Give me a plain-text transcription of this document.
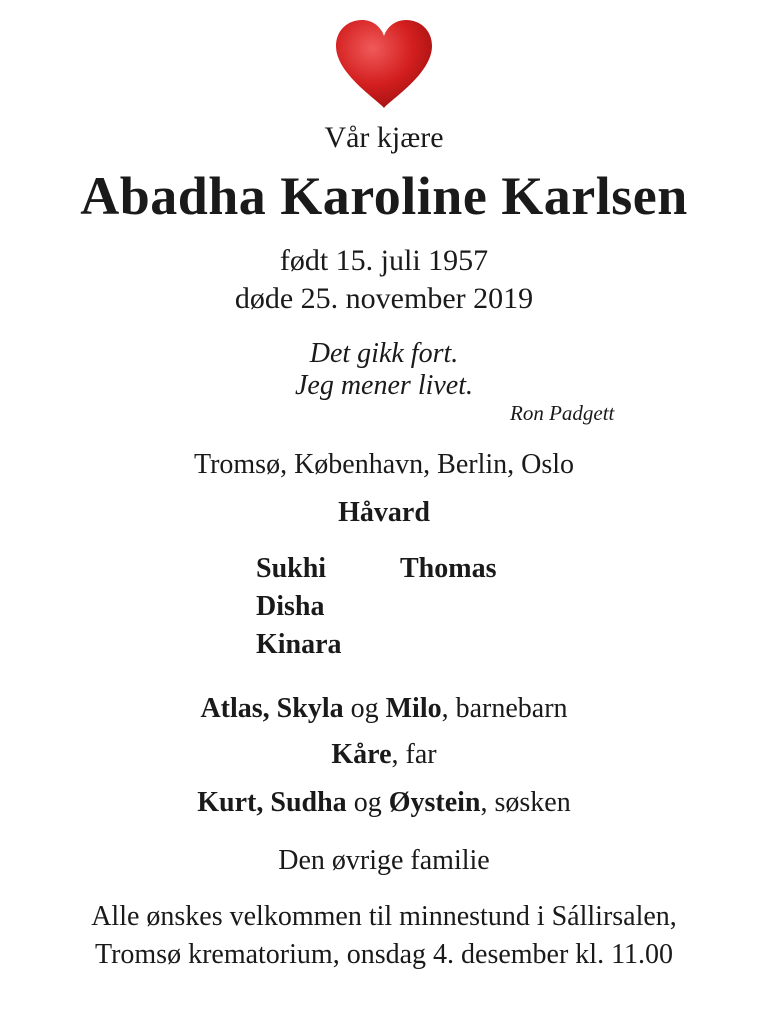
Vår kjære
Abadha Karoline Karlsen
født 15. juli 1957
døde 25. november 2019
Det gikk fort.
Jeg mener livet.
Ron Padgett
Tromsø, København, Berlin, Oslo
Håvard
Sukhi
Disha
Kinara
Thomas
Atlas, Skyla og Milo, barnebarn
Kåre, far
Kurt, Sudha og Øystein, søsken
Den øvrige familie
Alle ønskes velkommen til minnestund i Sállirsalen,
Tromsø krematorium, onsdag 4. desember kl. 11.00
